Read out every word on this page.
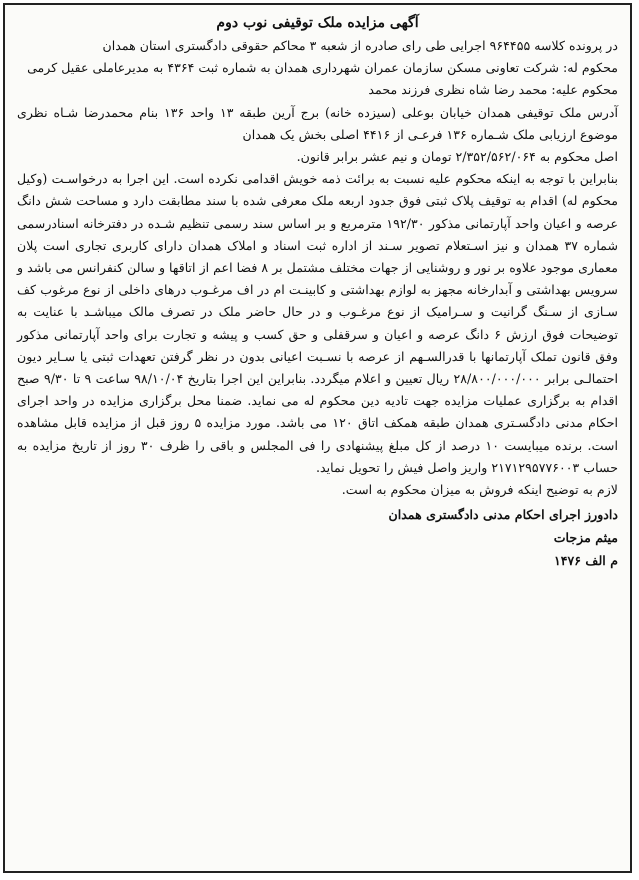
آگهی مزایده ملک توقیفی نوب دوم

در پرونده کلاسه ۹۶۴۴۵۵ اجرایی طی رای صادره از شعبه ۳ محاکم حقوقی دادگستری استان همدان

محکوم له: شرکت تعاونی مسکن سازمان عمران شهرداری همدان به شماره ثبت ۴۳۶۴ به مدیرعاملی عقیل کرمی

محکوم علیه: محمد رضا شاه نظری فرزند محمد

آدرس ملک توقیفی همدان خیابان بوعلی (سیزده خانه) برج آرین طبقه ۱۳ واحد ۱۳۶ بنام محمدرضا شـاه نظری موضوع ارزیابی ملک شـماره ۱۳۶ فرعـی از ۴۴۱۶ اصلی بخش یک همدان

اصل محکوم به ۲/۳۵۲/۵۶۲/۰۶۴ تومان و نیم عشر برابر قانون.

بنابراین با توجه به اینکه محکوم علیه نسبت به برائت ذمه خویش اقدامی نکرده است. این اجرا به درخواسـت (وکیل محکوم له) اقدام به توقیف پلاک ثبتی فوق جدود اربعه ملک معرفی شده با سند مطابقت دارد و مساحت شش دانگ عرصه و اعیان واحد آپارتمانی مذکور ۱۹۲/۳۰ مترمربع و بر اساس سند رسمی تنظیم شـده در دفترخانه اسنادرسمی شماره ۳۷ همدان و نیز اسـتعلام تصویر سـند از اداره ثبت اسناد و املاک همدان دارای کاربری تجاری است پلان معماری موجود علاوه بر نور و روشنایی از جهات مختلف مشتمل بر ۸ فضا اعم از اتاقها و سالن کنفرانس می باشد و سرویس بهداشتی و آبدارخانه مجهز به لوازم بهداشتی و کابینـت ام در اف مرغـوب درهای داخلی از نوع مرغوب کف سـازی از سـنگ گرانیت و سـرامیک از نوع مرغـوب و در حال حاضر ملک در تصرف مالک میباشـد با عنایت به توضیحات فوق ارزش ۶ دانگ عرصه و اعیان و سرقفلی و حق کسب و پیشه و تجارت برای واحد آپارتمانی مذکور وفق قانون تملک آپارتمانها با قدرالسـهم از عرصه با نسـبت اعیانی بدون در نظر گرفتن تعهدات ثبتی یا سـایر دیون احتمالـی برابر ۲۸/۸۰۰/۰۰۰/۰۰۰ ریال تعیین و اعلام میگردد. بنابراین این اجرا بتاریخ ۹۸/۱۰/۰۴ ساعت ۹ تا ۹/۳۰ صبح اقدام به برگزاری عملیات مزایده جهت تادیه دین محکوم له می نماید. ضمنا محل برگزاری مزایده در واحد اجرای احکام مدنی دادگسـتری همدان طبقه همکف اتاق ۱۲۰ می باشد. مورد مزایده ۵ روز قبل از مزایده قابل مشاهده است. برنده میبایست ۱۰ درصد از کل مبلغ پیشنهادی را فی المجلس و باقی را ظرف ۳۰ روز از تاریخ مزایده به حساب ۲۱۷۱۲۹۵۷۷۶۰۰۳ واریز واصل فیش را تحویل نماید.

لازم به توضیح اینکه فروش به میزان محکوم به است.

دادورز اجرای احکام مدنی دادگستری همدان
میثم مزجات
م الف ۱۴۷۶
